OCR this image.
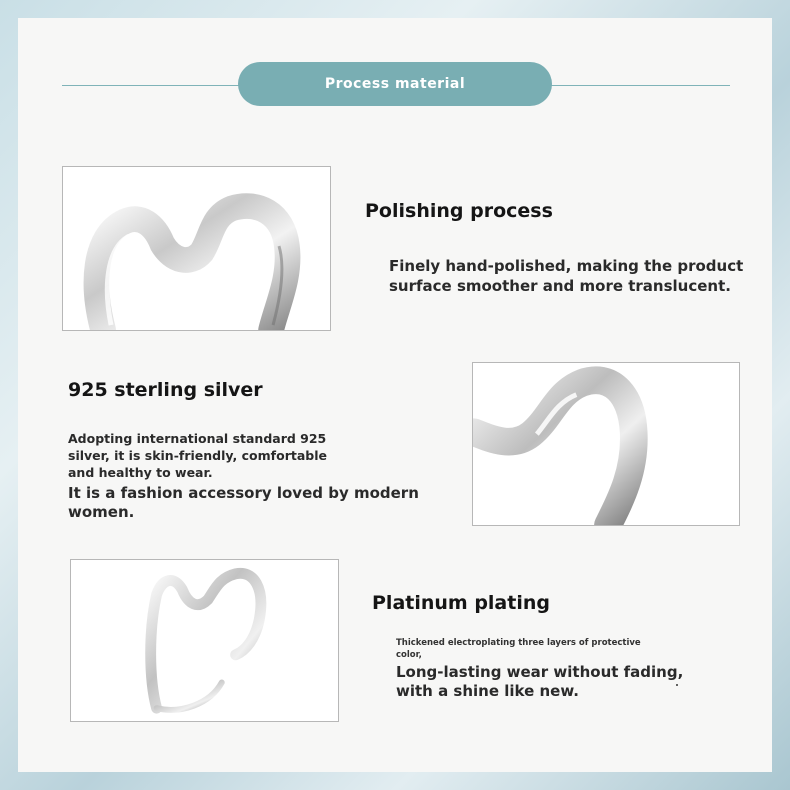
Process material
Polishing process
Finely hand-polished, making the product
surface smoother and more translucent.
925 sterling silver
Adopting international standard 925
silver, it is skin-friendly, comfortable
and healthy to wear.
It is a fashion accessory loved by modern
women.
Platinum plating
Thickened electroplating three layers of protective
color,
Long-lasting wear without fading,
with a shine like new.
